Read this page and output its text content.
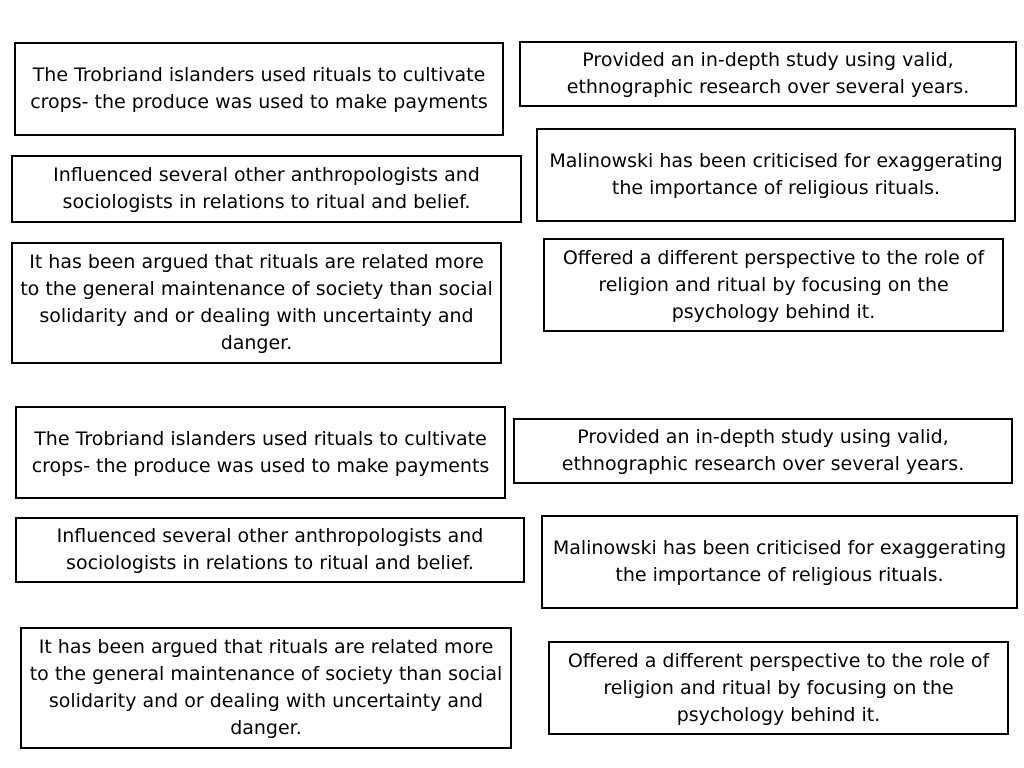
The Trobriand islanders used rituals to cultivate crops- the produce was used to make payments
Provided an in-depth study using valid, ethnographic research over several years.
Influenced several other anthropologists and sociologists in relations to ritual and belief.
Malinowski has been criticised for exaggerating the importance of religious rituals.
It has been argued that rituals are related more to the general maintenance of society than social solidarity and or dealing with uncertainty and danger.
Offered a different perspective to the role of religion and ritual by focusing on the psychology behind it.
The Trobriand islanders used rituals to cultivate crops- the produce was used to make payments
Provided an in-depth study using valid, ethnographic research over several years.
Influenced several other anthropologists and sociologists in relations to ritual and belief.
Malinowski has been criticised for exaggerating the importance of religious rituals.
It has been argued that rituals are related more to the general maintenance of society than social solidarity and or dealing with uncertainty and danger.
Offered a different perspective to the role of religion and ritual by focusing on the psychology behind it.
